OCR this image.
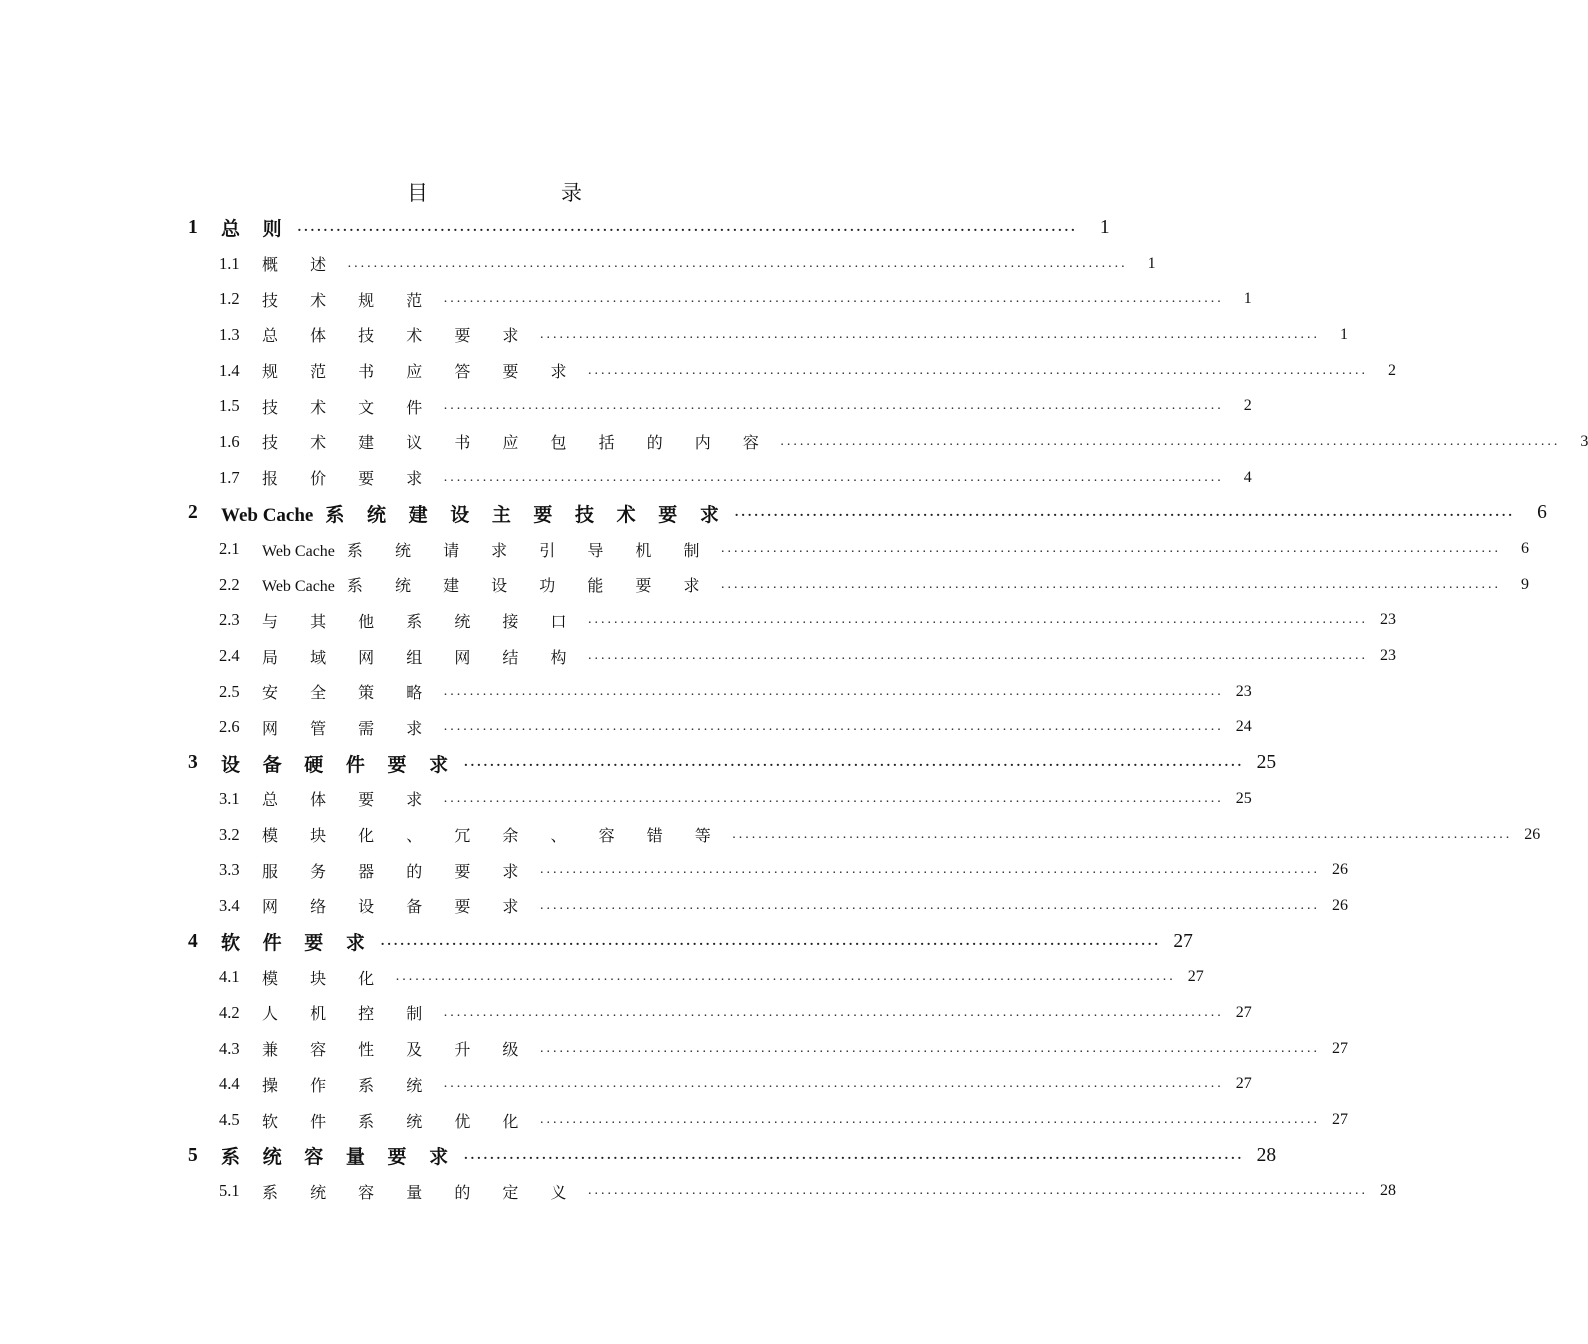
目	录
1	总 则 ........................................................................................................................	1
1.1	概 述 ........................................................................................................................	1
1.2	技 术 规 范 ........................................................................................................................	1
1.3	总 体 技 术 要 求 ........................................................................................................................	1
1.4	规 范 书 应 答 要 求 ........................................................................................................................	2
1.5	技 术 文 件 ........................................................................................................................	2
1.6	技 术 建 议 书 应 包 括 的 内 容 ........................................................................................................................	3
1.7	报 价 要 求 ........................................................................................................................	4
2	Web Cache 系 统 建 设 主 要 技 术 要 求 ........................................................................................................................	6
2.1	Web Cache 系 统 请 求 引 导 机 制 ........................................................................................................................	6
2.2	Web Cache 系 统 建 设 功 能 要 求 ........................................................................................................................	9
2.3	与 其 他 系 统 接 口 ........................................................................................................................ 23
2.4	局 域 网 组 网 结 构 ........................................................................................................................ 23
2.5	安 全 策 略 ........................................................................................................................ 23
2.6	网 管 需 求 ........................................................................................................................ 24
3	设 备 硬 件 要 求 ........................................................................................................................ 25
3.1	总 体 要 求 ........................................................................................................................ 25
3.2	模 块 化 、 冗 余 、 容 错 等 ........................................................................................................................ 26
3.3	服 务 器 的 要 求 ........................................................................................................................ 26
3.4	网 络 设 备 要 求 ........................................................................................................................ 26
4	软 件 要 求 ........................................................................................................................ 27
4.1	模 块 化 ........................................................................................................................ 27
4.2	人 机 控 制 ........................................................................................................................ 27
4.3	兼 容 性 及 升 级 ........................................................................................................................ 27
4.4	操 作 系 统 ........................................................................................................................ 27
4.5	软 件 系 统 优 化 ........................................................................................................................ 27
5	系 统 容 量 要 求 ........................................................................................................................ 28
5.1	系 统 容 量 的 定 义 ........................................................................................................................ 28
